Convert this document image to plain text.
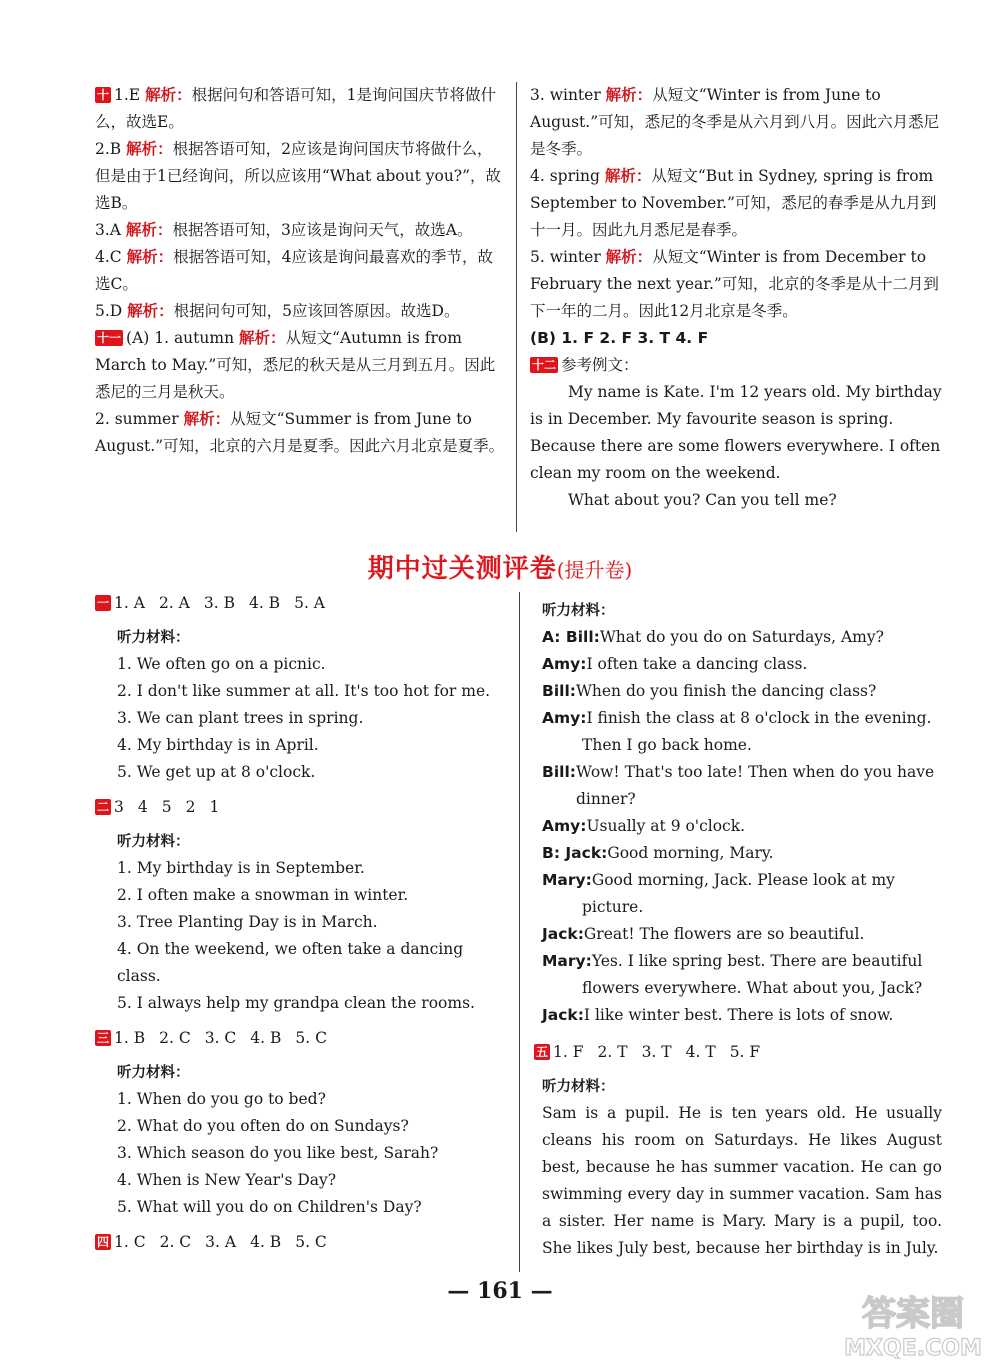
十 1.E 解析：根据问句和答语可知，1是询问国庆节将做什么，故选E。
2.B 解析：根据答语可知，2应该是询问国庆节将做什么，但是由于1已经询问，所以应该用“What about you?”，故选B。
3.A 解析：根据答语可知，3应该是询问天气，故选A。
4.C 解析：根据答语可知，4应该是询问最喜欢的季节，故选C。
5.D 解析：根据问句可知，5应该回答原因。故选D。
十一 (A) 1. autumn 解析：从短文“Autumn is from March to May.”可知，悉尼的秋天是从三月到五月。因此悉尼的三月是秋天。
2. summer 解析：从短文“Summer is from June to August.”可知，北京的六月是夏季。因此六月北京是夏季。
3. winter 解析：从短文“Winter is from June to August.”可知，悉尼的冬季是从六月到八月。因此六月悉尼是冬季。
4. spring 解析：从短文“But in Sydney, spring is from September to November.”可知，悉尼的春季是从九月到十一月。因此九月悉尼是春季。
5. winter 解析：从短文“Winter is from December to February the next year.”可知，北京的冬季是从十二月到下一年的二月。因此12月北京是冬季。
(B) 1. F 2. F 3. T 4. F
十二 参考例文：
My name is Kate. I'm 12 years old. My birthday is in December. My favourite season is spring. Because there are some flowers everywhere. I often clean my room on the weekend.
What about you? Can you tell me?
期中过关测评卷(提升卷)
一 1. A 2. A 3. B 4. B 5. A
听力材料：
1. We often go on a picnic.
2. I don't like summer at all. It's too hot for me.
3. We can plant trees in spring.
4. My birthday is in April.
5. We get up at 8 o'clock.
二 3 4 5 2 1
听力材料：
1. My birthday is in September.
2. I often make a snowman in winter.
3. Tree Planting Day is in March.
4. On the weekend, we often take a dancing class.
5. I always help my grandpa clean the rooms.
三 1. B 2. C 3. C 4. B 5. C
听力材料：
1. When do you go to bed?
2. What do you often do on Sundays?
3. Which season do you like best, Sarah?
4. When is New Year's Day?
5. What will you do on Children's Day?
四 1. C 2. C 3. A 4. B 5. C
听力材料：
A: Bill:What do you do on Saturdays, Amy?
Amy:I often take a dancing class.
Bill:When do you finish the dancing class?
Amy:I finish the class at 8 o'clock in the evening. Then I go back home.
Bill:Wow! That's too late! Then when do you have dinner?
Amy:Usually at 9 o'clock.
B: Jack:Good morning, Mary.
Mary:Good morning, Jack. Please look at my picture.
Jack:Great! The flowers are so beautiful.
Mary:Yes. I like spring best. There are beautiful flowers everywhere. What about you, Jack?
Jack:I like winter best. There is lots of snow.
五 1. F 2. T 3. T 4. T 5. F
听力材料：
Sam is a pupil. He is ten years old. He usually cleans his room on Saturdays. He likes August best, because he has summer vacation. He can go swimming every day in summer vacation. Sam has a sister. Her name is Mary. Mary is a pupil, too. She likes July best, because her birthday is in July.
— 161 —
答案圈
MXQE.COM
